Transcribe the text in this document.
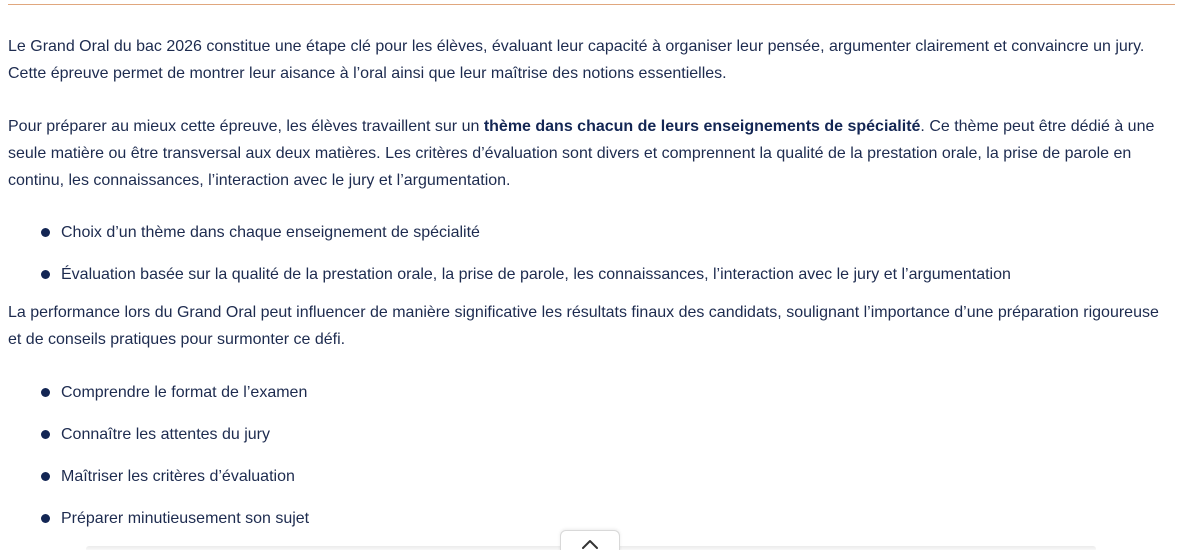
Le Grand Oral du bac 2026 constitue une étape clé pour les élèves, évaluant leur capacité à organiser leur pensée, argumenter clairement et convaincre un jury. Cette épreuve permet de montrer leur aisance à l’oral ainsi que leur maîtrise des notions essentielles.

Pour préparer au mieux cette épreuve, les élèves travaillent sur un thème dans chacun de leurs enseignements de spécialité. Ce thème peut être dédié à une seule matière ou être transversal aux deux matières. Les critères d’évaluation sont divers et comprennent la qualité de la prestation orale, la prise de parole en continu, les connaissances, l’interaction avec le jury et l’argumentation.

Choix d’un thème dans chaque enseignement de spécialité
Évaluation basée sur la qualité de la prestation orale, la prise de parole, les connaissances, l’interaction avec le jury et l’argumentation

La performance lors du Grand Oral peut influencer de manière significative les résultats finaux des candidats, soulignant l’importance d’une préparation rigoureuse et de conseils pratiques pour surmonter ce défi.

Comprendre le format de l’examen
Connaître les attentes du jury
Maîtriser les critères d’évaluation
Préparer minutieusement son sujet
